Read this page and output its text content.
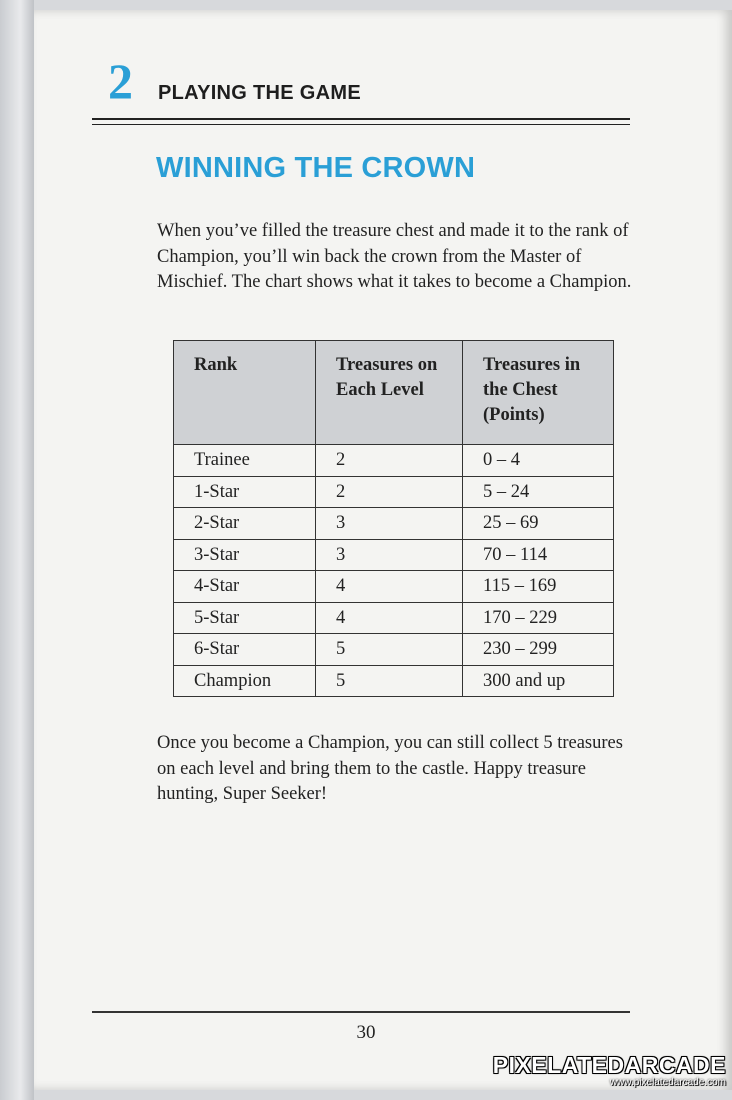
2 PLAYING THE GAME
WINNING THE CROWN
When you’ve filled the treasure chest and made it to the rank of Champion, you’ll win back the crown from the Master of Mischief. The chart shows what it takes to become a Champion.
Rank	Treasures on Each Level	Treasures in the Chest (Points)
Trainee	2	0 – 4
1-Star	2	5 – 24
2-Star	3	25 – 69
3-Star	3	70 – 114
4-Star	4	115 – 169
5-Star	4	170 – 229
6-Star	5	230 – 299
Champion	5	300 and up
Once you become a Champion, you can still collect 5 treasures on each level and bring them to the castle. Happy treasure hunting, Super Seeker!
30
PIXELATEDARCADE
www.pixelatedarcade.com
